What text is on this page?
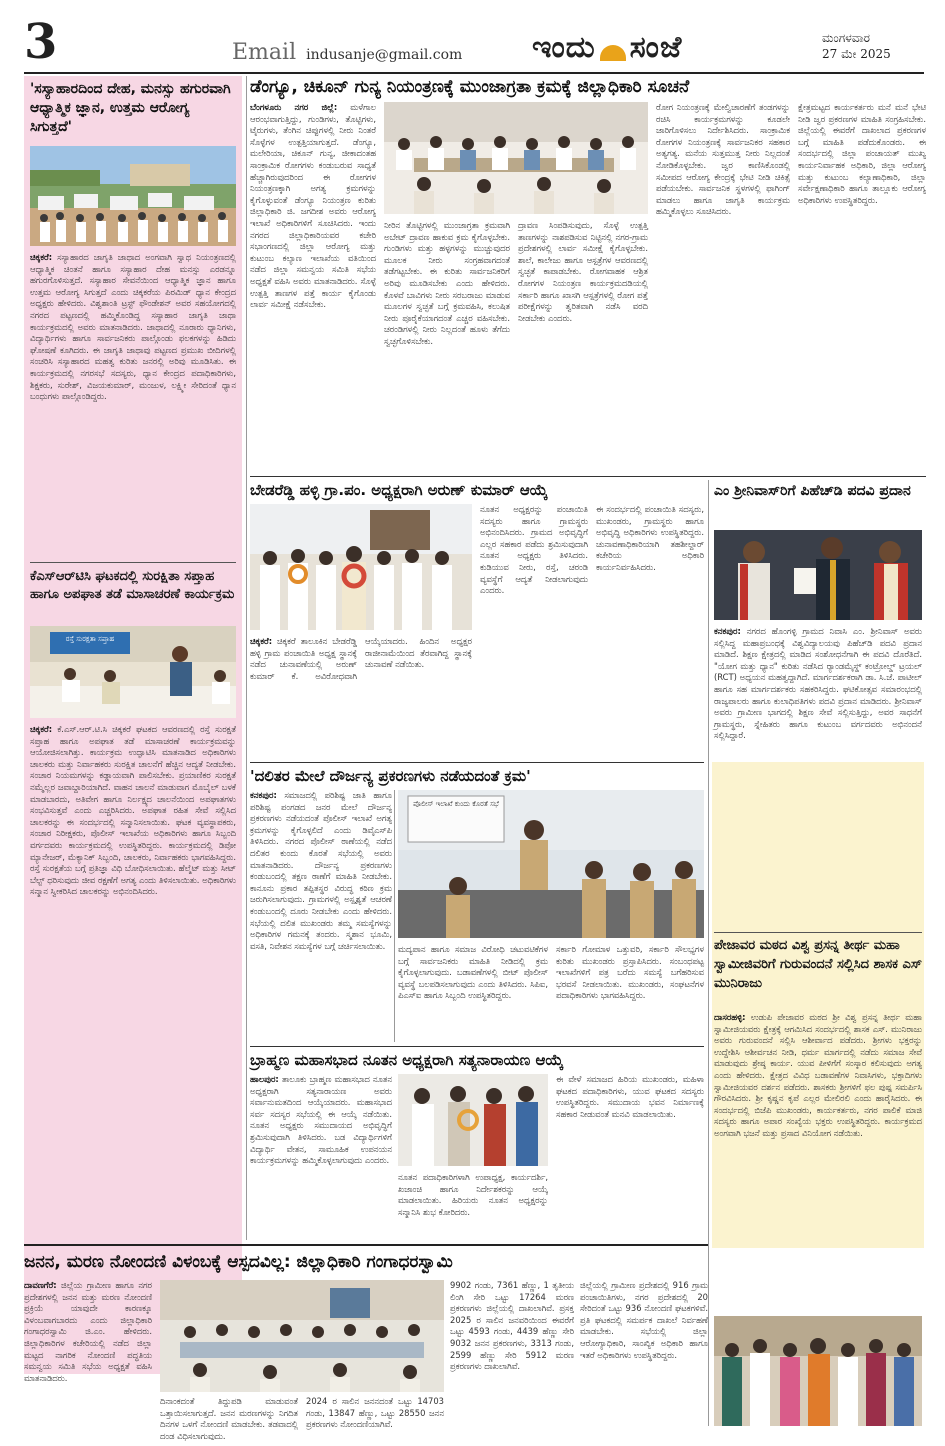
3	Email indusanje@gmail.com ಇಂದು ಸಂಜೆ	ಮಂಗಳವಾರ
27 ಮೇ 2025
'ಸಸ್ಯಾಹಾರದಿಂದ ದೇಹ, ಮನಸ್ಸು ಹಗುರವಾಗಿ ಆಧ್ಯಾತ್ಮಿಕ ಜ್ಞಾನ, ಉತ್ತಮ ಆರೋಗ್ಯ ಸಿಗುತ್ತದೆ'
ಚಿಕ್ಕಕರೆ: ಸಸ್ಯಾಹಾರದ ಜಾಗೃತಿ ಜಾಥಾದ ಅಂಗವಾಗಿ ಸ್ವಾಥ ನಿಯಂತ್ರಣದಲ್ಲಿ ಆಧ್ಯಾತ್ಮಿಕ ಚಿಂತನೆ ಹಾಗೂ ಸಸ್ಯಾಹಾರ ದೇಹ ಮನಸ್ಸು ಎರಡನ್ನೂ ಹಗುರಗೊಳಿಸುತ್ತದೆ. ಸಸ್ಯಾಹಾರ ಸೇವನೆಯಿಂದ ಆಧ್ಯಾತ್ಮಿಕ ಜ್ಞಾನ ಹಾಗೂ ಉತ್ತಮ ಆರೋಗ್ಯ ಸಿಗುತ್ತದೆ ಎಂದು ಚಿಕ್ಕಕರೆಯ ಪಿರಮಿಡ್ ಧ್ಯಾನ ಕೇಂದ್ರದ ಅಧ್ಯಕ್ಷರು ಹೇಳಿದರು. ವಿಶ್ವಶಾಂತಿ ಟ್ರಸ್ಟ್ ಫೌಂಡೇಶನ್ ಅವರ ಸಹಯೋಗದಲ್ಲಿ ನಗರದ ಪಟ್ಟಣದಲ್ಲಿ ಹಮ್ಮಿಕೊಂಡಿದ್ದ ಸಸ್ಯಾಹಾರ ಜಾಗೃತಿ ಜಾಥಾ ಕಾರ್ಯಕ್ರಮದಲ್ಲಿ ಅವರು ಮಾತನಾಡಿದರು. ಜಾಥಾದಲ್ಲಿ ನೂರಾರು ಧ್ಯಾನಿಗಳು, ವಿದ್ಯಾರ್ಥಿಗಳು ಹಾಗೂ ಸಾರ್ವಜನಿಕರು ಪಾಲ್ಗೊಂಡು ಫಲಕಗಳನ್ನು ಹಿಡಿದು ಘೋಷಣೆ ಕೂಗಿದರು. ಈ ಜಾಗೃತಿ ಜಾಥಾವು ಪಟ್ಟಣದ ಪ್ರಮುಖ ಬೀದಿಗಳಲ್ಲಿ ಸಂಚರಿಸಿ ಸಸ್ಯಾಹಾರದ ಮಹತ್ವ ಕುರಿತು ಜನರಲ್ಲಿ ಅರಿವು ಮೂಡಿಸಿತು. ಈ ಕಾರ್ಯಕ್ರಮದಲ್ಲಿ ನಗರಸಭೆ ಸದಸ್ಯರು, ಧ್ಯಾನ ಕೇಂದ್ರದ ಪದಾಧಿಕಾರಿಗಳು, ಶಿಕ್ಷಕರು, ಸುರೇಶ್, ವಿಜಯಕುಮಾರ್, ಮಂಜುಳ, ಲಕ್ಷ್ಮೀ ಸೇರಿದಂತೆ ಧ್ಯಾನ ಬಂಧುಗಳು ಪಾಲ್ಗೊಂಡಿದ್ದರು.
ಕೆಎಸ್ಆರ್‌ಟಿಸಿ ಘಟಕದಲ್ಲಿ ಸುರಕ್ಷಿತಾ ಸಪ್ತಾಹ ಹಾಗೂ ಅಪಘಾತ ತಡೆ ಮಾಸಾಚರಣೆ ಕಾರ್ಯಕ್ರಮ
ರಸ್ತೆ ಸುರಕ್ಷತಾ ಸಪ್ತಾಹ
ಚಿಕ್ಕಕರೆ: ಕೆ.ಎಸ್.ಆರ್.ಟಿ.ಸಿ ಚಿಕ್ಕಕರೆ ಘಟಕದ ಆವರಣದಲ್ಲಿ ರಸ್ತೆ ಸುರಕ್ಷತೆ ಸಪ್ತಾಹ ಹಾಗೂ ಅಪಘಾತ ತಡೆ ಮಾಸಾಚರಣೆ ಕಾರ್ಯಕ್ರಮವನ್ನು ಆಯೋಜಿಸಲಾಗಿತ್ತು. ಕಾರ್ಯಕ್ರಮ ಉದ್ಘಾಟಿಸಿ ಮಾತನಾಡಿದ ಅಧಿಕಾರಿಗಳು ಚಾಲಕರು ಮತ್ತು ನಿರ್ವಾಹಕರು ಸುರಕ್ಷಿತ ಚಾಲನೆಗೆ ಹೆಚ್ಚಿನ ಆದ್ಯತೆ ನೀಡಬೇಕು. ಸಂಚಾರ ನಿಯಮಗಳನ್ನು ಕಡ್ಡಾಯವಾಗಿ ಪಾಲಿಸಬೇಕು. ಪ್ರಯಾಣಿಕರ ಸುರಕ್ಷತೆ ನಮ್ಮೆಲ್ಲರ ಜವಾಬ್ದಾರಿಯಾಗಿದೆ. ವಾಹನ ಚಾಲನೆ ಮಾಡುವಾಗ ಮೊಬೈಲ್ ಬಳಕೆ ಮಾಡಬಾರದು, ಅತಿವೇಗ ಹಾಗೂ ನಿರ್ಲಕ್ಷ್ಯದ ಚಾಲನೆಯಿಂದ ಅಪಘಾತಗಳು ಸಂಭವಿಸುತ್ತವೆ ಎಂದು ಎಚ್ಚರಿಸಿದರು. ಅಪಘಾತ ರಹಿತ ಸೇವೆ ಸಲ್ಲಿಸಿದ ಚಾಲಕರನ್ನು ಈ ಸಂದರ್ಭದಲ್ಲಿ ಸನ್ಮಾನಿಸಲಾಯಿತು. ಘಟಕ ವ್ಯವಸ್ಥಾಪಕರು, ಸಂಚಾರ ನಿರೀಕ್ಷಕರು, ಪೊಲೀಸ್ ಇಲಾಖೆಯ ಅಧಿಕಾರಿಗಳು ಹಾಗೂ ಸಿಬ್ಬಂದಿ ವರ್ಗದವರು ಕಾರ್ಯಕ್ರಮದಲ್ಲಿ ಉಪಸ್ಥಿತರಿದ್ದರು. ಕಾರ್ಯಕ್ರಮದಲ್ಲಿ ಡಿಪೋ ಮ್ಯಾನೇಜರ್, ಮೆಕ್ಯಾನಿಕ್ ಸಿಬ್ಬಂದಿ, ಚಾಲಕರು, ನಿರ್ವಾಹಕರು ಭಾಗವಹಿಸಿದ್ದರು. ರಸ್ತೆ ಸುರಕ್ಷತೆಯ ಬಗ್ಗೆ ಪ್ರತಿಜ್ಞಾ ವಿಧಿ ಬೋಧಿಸಲಾಯಿತು. ಹೆಲ್ಮೆಟ್ ಮತ್ತು ಸೀಟ್ ಬೆಲ್ಟ್ ಧರಿಸುವುದು ಜೀವ ರಕ್ಷಣೆಗೆ ಅಗತ್ಯ ಎಂದು ತಿಳಿಸಲಾಯಿತು. ಅಧಿಕಾರಿಗಳು ಸನ್ಮಾನ ಸ್ವೀಕರಿಸಿದ ಚಾಲಕರನ್ನು ಅಭಿನಂದಿಸಿದರು.
ಡೆಂಗ್ಯೂ, ಚಿಕೂನ್ ಗುನ್ಯ ನಿಯಂತ್ರಣಕ್ಕೆ ಮುಂಜಾಗ್ರತಾ ಕ್ರಮಕ್ಕೆ ಜಿಲ್ಲಾಧಿಕಾರಿ ಸೂಚನೆ
ಬೆಂಗಳೂರು ನಗರ ಜಿಲ್ಲೆ: ಮಳೆಗಾಲ ಆರಂಭವಾಗುತ್ತಿದ್ದು, ಗುಂಡಿಗಳು, ತೊಟ್ಟಿಗಳು, ಟೈರುಗಳು, ತೆಂಗಿನ ಚಿಪ್ಪುಗಳಲ್ಲಿ ನೀರು ನಿಂತರೆ ಸೊಳ್ಳೆಗಳ ಉತ್ಪತ್ತಿಯಾಗುತ್ತದೆ. ಡೆಂಗ್ಯೂ, ಮಲೇರಿಯಾ, ಚಿಕೂನ್ ಗುನ್ಯ, ಜೀಕಾದಂತಹ ಸಾಂಕ್ರಾಮಿಕ ರೋಗಗಳು ಕಂಡುಬರುವ ಸಾಧ್ಯತೆ ಹೆಚ್ಚಾಗಿರುವುದರಿಂದ ಈ ರೋಗಗಳ ನಿಯಂತ್ರಣಕ್ಕಾಗಿ ಅಗತ್ಯ ಕ್ರಮಗಳನ್ನು ಕೈಗೊಳ್ಳುವಂತೆ ಡೆಂಗ್ಯೂ ನಿಯಂತ್ರಣ ಕುರಿತು ಜಿಲ್ಲಾಧಿಕಾರಿ ಜಿ. ಜಗದೀಶ ಅವರು ಆರೋಗ್ಯ ಇಲಾಖೆ ಅಧಿಕಾರಿಗಳಿಗೆ ಸೂಚಿಸಿದರು. ಇಂದು ನಗರದ ಜಿಲ್ಲಾಧಿಕಾರಿಯವರ ಕಚೇರಿ ಸಭಾಂಗಣದಲ್ಲಿ ಜಿಲ್ಲಾ ಆರೋಗ್ಯ ಮತ್ತು ಕುಟುಂಬ ಕಲ್ಯಾಣ ಇಲಾಖೆಯ ವತಿಯಿಂದ ನಡೆದ ಜಿಲ್ಲಾ ಸಮನ್ವಯ ಸಮಿತಿ ಸಭೆಯ ಅಧ್ಯಕ್ಷತೆ ವಹಿಸಿ ಅವರು ಮಾತನಾಡಿದರು. ಸೊಳ್ಳೆ ಉತ್ಪತ್ತಿ ತಾಣಗಳ ಪತ್ತೆ ಕಾರ್ಯ ಕೈಗೊಂಡು ಲಾರ್ವ ಸಮೀಕ್ಷೆ ನಡೆಸಬೇಕು.
ನೀರಿನ ತೊಟ್ಟಿಗಳಲ್ಲಿ ಮುಂಜಾಗ್ರತಾ ಕ್ರಮವಾಗಿ ಅಬೇಟ್ ದ್ರಾವಣ ಹಾಕುವ ಕ್ರಮ ಕೈಗೊಳ್ಳಬೇಕು. ಗುಂಡಿಗಳು ಮತ್ತು ಹಳ್ಳಗಳನ್ನು ಮುಚ್ಚುವುದರ ಮೂಲಕ ನೀರು ಸಂಗ್ರಹವಾಗದಂತೆ ತಡೆಗಟ್ಟಬೇಕು. ಈ ಕುರಿತು ಸಾರ್ವಜನಿಕರಿಗೆ ಅರಿವು ಮೂಡಿಸಬೇಕು ಎಂದು ಹೇಳಿದರು. ಕೊಳವೆ ಬಾವಿಗಳು ನೀರು ಸರಬರಾಜು ಮಾಡುವ ಮೂಲಗಳ ಸ್ವಚ್ಛತೆ ಬಗ್ಗೆ ಕ್ರಮವಹಿಸಿ, ಕಲುಷಿತ ನೀರು ಪೂರೈಕೆಯಾಗದಂತೆ ಎಚ್ಚರ ವಹಿಸಬೇಕು. ಚರಂಡಿಗಳಲ್ಲಿ ನೀರು ನಿಲ್ಲದಂತೆ ಹೂಳು ತೆಗೆದು ಸ್ವಚ್ಛಗೊಳಿಸಬೇಕು.
ದ್ರಾವಣ ಸಿಂಪಡಿಸುವುದು, ಸೊಳ್ಳೆ ಉತ್ಪತ್ತಿ ತಾಣಗಳನ್ನು ನಾಶಪಡಿಸುವ ನಿಟ್ಟಿನಲ್ಲಿ ನಗರ-ಗ್ರಾಮ ಪ್ರದೇಶಗಳಲ್ಲಿ ಲಾರ್ವ ಸಮೀಕ್ಷೆ ಕೈಗೊಳ್ಳಬೇಕು. ಶಾಲೆ, ಕಾಲೇಜು ಹಾಗೂ ಆಸ್ಪತ್ರೆಗಳ ಆವರಣದಲ್ಲಿ ಸ್ವಚ್ಛತೆ ಕಾಪಾಡಬೇಕು. ರೋಗವಾಹಕ ಆಶ್ರಿತ ರೋಗಗಳ ನಿಯಂತ್ರಣ ಕಾರ್ಯಕ್ರಮದಡಿಯಲ್ಲಿ ಸರ್ಕಾರಿ ಹಾಗೂ ಖಾಸಗಿ ಆಸ್ಪತ್ರೆಗಳಲ್ಲಿ ರೋಗ ಪತ್ತೆ ಪರೀಕ್ಷೆಗಳನ್ನು ತ್ವರಿತವಾಗಿ ನಡೆಸಿ ವರದಿ ನೀಡಬೇಕು ಎಂದರು.
ರೋಗ ನಿಯಂತ್ರಣಕ್ಕೆ ಮೇಲ್ವಿಚಾರಣೆಗೆ ತಂಡಗಳನ್ನು ರಚಿಸಿ ಕಾರ್ಯಕ್ರಮಗಳನ್ನು ಕೂಡಲೇ ಜಾರಿಗೊಳಿಸಲು ನಿರ್ದೇಶಿಸಿದರು. ಸಾಂಕ್ರಾಮಿಕ ರೋಗಗಳ ನಿಯಂತ್ರಣಕ್ಕೆ ಸಾರ್ವಜನಿಕರ ಸಹಕಾರ ಅತ್ಯಗತ್ಯ. ಮನೆಯ ಸುತ್ತಮುತ್ತ ನೀರು ನಿಲ್ಲದಂತೆ ನೋಡಿಕೊಳ್ಳಬೇಕು. ಜ್ವರ ಕಾಣಿಸಿಕೊಂಡಲ್ಲಿ ಸಮೀಪದ ಆರೋಗ್ಯ ಕೇಂದ್ರಕ್ಕೆ ಭೇಟಿ ನೀಡಿ ಚಿಕಿತ್ಸೆ ಪಡೆಯಬೇಕು. ಸಾರ್ವಜನಿಕ ಸ್ಥಳಗಳಲ್ಲಿ ಫಾಗಿಂಗ್ ಮಾಡಲು ಹಾಗೂ ಜಾಗೃತಿ ಕಾರ್ಯಕ್ರಮ ಹಮ್ಮಿಕೊಳ್ಳಲು ಸೂಚಿಸಿದರು.
ಕ್ಷೇತ್ರಮಟ್ಟದ ಕಾರ್ಯಕರ್ತರು ಮನೆ ಮನೆ ಭೇಟಿ ನೀಡಿ ಜ್ವರ ಪ್ರಕರಣಗಳ ಮಾಹಿತಿ ಸಂಗ್ರಹಿಸಬೇಕು. ಜಿಲ್ಲೆಯಲ್ಲಿ ಈವರೆಗೆ ದಾಖಲಾದ ಪ್ರಕರಣಗಳ ಬಗ್ಗೆ ಮಾಹಿತಿ ಪಡೆದುಕೊಂಡರು. ಈ ಸಂದರ್ಭದಲ್ಲಿ ಜಿಲ್ಲಾ ಪಂಚಾಯತ್ ಮುಖ್ಯ ಕಾರ್ಯನಿರ್ವಾಹಕ ಅಧಿಕಾರಿ, ಜಿಲ್ಲಾ ಆರೋಗ್ಯ ಮತ್ತು ಕುಟುಂಬ ಕಲ್ಯಾಣಾಧಿಕಾರಿ, ಜಿಲ್ಲಾ ಸರ್ವೇಕ್ಷಣಾಧಿಕಾರಿ ಹಾಗೂ ತಾಲ್ಲೂಕು ಆರೋಗ್ಯ ಅಧಿಕಾರಿಗಳು ಉಪಸ್ಥಿತರಿದ್ದರು.
ಬೇಡರೆಡ್ಡಿ ಹಳ್ಳಿ ಗ್ರಾ.ಪಂ. ಅಧ್ಯಕ್ಷರಾಗಿ ಅರುಣ್ ಕುಮಾರ್ ಆಯ್ಕೆ
ಚಿಕ್ಕಕರೆ: ಚಿಕ್ಕಕರೆ ತಾಲೂಕಿನ ಬೇಡರೆಡ್ಡಿ ಹಳ್ಳಿ ಗ್ರಾಮ ಪಂಚಾಯಿತಿ ಅಧ್ಯಕ್ಷ ಸ್ಥಾನಕ್ಕೆ ನಡೆದ ಚುನಾವಣೆಯಲ್ಲಿ ಅರುಣ್ ಕುಮಾರ್ ಕೆ. ಅವಿರೋಧವಾಗಿ ಆಯ್ಕೆಯಾದರು. ಹಿಂದಿನ ಅಧ್ಯಕ್ಷರ ರಾಜೀನಾಮೆಯಿಂದ ತೆರವಾಗಿದ್ದ ಸ್ಥಾನಕ್ಕೆ ಚುನಾವಣೆ ನಡೆಯಿತು.
ನೂತನ ಅಧ್ಯಕ್ಷರನ್ನು ಪಂಚಾಯಿತಿ ಸದಸ್ಯರು ಹಾಗೂ ಗ್ರಾಮಸ್ಥರು ಅಭಿನಂದಿಸಿದರು. ಗ್ರಾಮದ ಅಭಿವೃದ್ಧಿಗೆ ಎಲ್ಲರ ಸಹಕಾರ ಪಡೆದು ಶ್ರಮಿಸುವುದಾಗಿ ನೂತನ ಅಧ್ಯಕ್ಷರು ತಿಳಿಸಿದರು. ಕುಡಿಯುವ ನೀರು, ರಸ್ತೆ, ಚರಂಡಿ ವ್ಯವಸ್ಥೆಗೆ ಆದ್ಯತೆ ನೀಡಲಾಗುವುದು ಎಂದರು.
ಈ ಸಂದರ್ಭದಲ್ಲಿ ಪಂಚಾಯಿತಿ ಸದಸ್ಯರು, ಮುಖಂಡರು, ಗ್ರಾಮಸ್ಥರು ಹಾಗೂ ಅಭಿವೃದ್ಧಿ ಅಧಿಕಾರಿಗಳು ಉಪಸ್ಥಿತರಿದ್ದರು. ಚುನಾವಣಾಧಿಕಾರಿಯಾಗಿ ತಹಶೀಲ್ದಾರ್ ಕಚೇರಿಯ ಅಧಿಕಾರಿ ಕಾರ್ಯನಿರ್ವಹಿಸಿದರು.
ಎಂ ಶ್ರೀನಿವಾಸ್‌ರಿಗೆ ಪಿಹೆಚ್‌ಡಿ ಪದವಿ ಪ್ರದಾನ
ಕನಕಪುರ: ನಗರದ ಹೊಂಗಳ್ಳಿ ಗ್ರಾಮದ ನಿವಾಸಿ ಎಂ. ಶ್ರೀನಿವಾಸ್ ಅವರು ಸಲ್ಲಿಸಿದ್ದ ಮಹಾಪ್ರಬಂಧಕ್ಕೆ ವಿಶ್ವವಿದ್ಯಾಲಯವು ಪಿಹೆಚ್‌ಡಿ ಪದವಿ ಪ್ರದಾನ ಮಾಡಿದೆ. ಶಿಕ್ಷಣ ಕ್ಷೇತ್ರದಲ್ಲಿ ಮಾಡಿದ ಸಂಶೋಧನೆಗಾಗಿ ಈ ಪದವಿ ದೊರೆತಿದೆ. "ಯೋಗ ಮತ್ತು ಧ್ಯಾನ" ಕುರಿತು ನಡೆಸಿದ ರ‍್ಯಾಂಡಮೈಸ್ಡ್ ಕಂಟ್ರೋಲ್ಡ್ ಟ್ರಯಲ್ (RCT) ಅಧ್ಯಯನ ಮಹತ್ವದ್ದಾಗಿದೆ. ಮಾರ್ಗದರ್ಶಕರಾಗಿ ಡಾ. ಸಿ.ಜೆ. ಪಾಟೀಲ್ ಹಾಗೂ ಸಹ ಮಾರ್ಗದರ್ಶಕರು ಸಹಕರಿಸಿದ್ದರು. ಘಟಿಕೋತ್ಸವ ಸಮಾರಂಭದಲ್ಲಿ ರಾಜ್ಯಪಾಲರು ಹಾಗೂ ಕುಲಾಧಿಪತಿಗಳು ಪದವಿ ಪ್ರದಾನ ಮಾಡಿದರು. ಶ್ರೀನಿವಾಸ್ ಅವರು ಗ್ರಾಮೀಣ ಭಾಗದಲ್ಲಿ ಶಿಕ್ಷಣ ಸೇವೆ ಸಲ್ಲಿಸುತ್ತಿದ್ದು, ಅವರ ಸಾಧನೆಗೆ ಗ್ರಾಮಸ್ಥರು, ಸ್ನೇಹಿತರು ಹಾಗೂ ಕುಟುಂಬ ವರ್ಗದವರು ಅಭಿನಂದನೆ ಸಲ್ಲಿಸಿದ್ದಾರೆ.
ಪೇಜಾವರ ಮಠದ ವಿಶ್ವ ಪ್ರಸನ್ನ ತೀರ್ಥ ಮಹಾ ಸ್ವಾಮೀಜಿವರಿಗೆ ಗುರುವಂದನೆ ಸಲ್ಲಿಸಿದ ಶಾಸಕ ಎಸ್ ಮುನಿರಾಜು
ದಾಸರಹಳ್ಳಿ: ಉಡುಪಿ ಪೇಜಾವರ ಮಠದ ಶ್ರೀ ವಿಶ್ವ ಪ್ರಸನ್ನ ತೀರ್ಥ ಮಹಾ ಸ್ವಾಮೀಜಿಯವರು ಕ್ಷೇತ್ರಕ್ಕೆ ಆಗಮಿಸಿದ ಸಂದರ್ಭದಲ್ಲಿ ಶಾಸಕ ಎಸ್. ಮುನಿರಾಜು ಅವರು ಗುರುವಂದನೆ ಸಲ್ಲಿಸಿ ಆಶೀರ್ವಾದ ಪಡೆದರು. ಶ್ರೀಗಳು ಭಕ್ತರನ್ನು ಉದ್ದೇಶಿಸಿ ಆಶೀರ್ವಚನ ನೀಡಿ, ಧರ್ಮ ಮಾರ್ಗದಲ್ಲಿ ನಡೆದು ಸಮಾಜ ಸೇವೆ ಮಾಡುವುದು ಶ್ರೇಷ್ಠ ಕಾರ್ಯ. ಯುವ ಪೀಳಿಗೆಗೆ ಸಂಸ್ಕಾರ ಕಲಿಸುವುದು ಅಗತ್ಯ ಎಂದು ಹೇಳಿದರು. ಕ್ಷೇತ್ರದ ವಿವಿಧ ಬಡಾವಣೆಗಳ ನಿವಾಸಿಗಳು, ಭಕ್ತಾದಿಗಳು ಸ್ವಾಮೀಜಿಯವರ ದರ್ಶನ ಪಡೆದರು. ಶಾಸಕರು ಶ್ರೀಗಳಿಗೆ ಫಲ ಪುಷ್ಪ ಸಮರ್ಪಿಸಿ ಗೌರವಿಸಿದರು. ಶ್ರೀ ಕೃಷ್ಣನ ಕೃಪೆ ಎಲ್ಲರ ಮೇಲಿರಲಿ ಎಂದು ಹಾರೈಸಿದರು. ಈ ಸಂದರ್ಭದಲ್ಲಿ ಬಿಜೆಪಿ ಮುಖಂಡರು, ಕಾರ್ಯಕರ್ತರು, ನಗರ ಪಾಲಿಕೆ ಮಾಜಿ ಸದಸ್ಯರು ಹಾಗೂ ಅಪಾರ ಸಂಖ್ಯೆಯ ಭಕ್ತರು ಉಪಸ್ಥಿತರಿದ್ದರು. ಕಾರ್ಯಕ್ರಮದ ಅಂಗವಾಗಿ ಭಜನೆ ಮತ್ತು ಪ್ರಸಾದ ವಿನಿಯೋಗ ನಡೆಯಿತು.
'ದಲಿತರ ಮೇಲೆ ದೌರ್ಜನ್ಯ ಪ್ರಕರಣಗಳು ನಡೆಯದಂತೆ ಕ್ರಮ'
ಕನಕಪುರ: ಸಮಾಜದಲ್ಲಿ ಪರಿಶಿಷ್ಟ ಜಾತಿ ಹಾಗೂ ಪರಿಶಿಷ್ಟ ಪಂಗಡದ ಜನರ ಮೇಲೆ ದೌರ್ಜನ್ಯ ಪ್ರಕರಣಗಳು ನಡೆಯದಂತೆ ಪೊಲೀಸ್ ಇಲಾಖೆ ಅಗತ್ಯ ಕ್ರಮಗಳನ್ನು ಕೈಗೊಳ್ಳಲಿದೆ ಎಂದು ಡಿವೈಎಸ್‌ಪಿ ತಿಳಿಸಿದರು. ನಗರದ ಪೊಲೀಸ್ ಠಾಣೆಯಲ್ಲಿ ನಡೆದ ದಲಿತರ ಕುಂದು ಕೊರತೆ ಸಭೆಯಲ್ಲಿ ಅವರು ಮಾತನಾಡಿದರು. ದೌರ್ಜನ್ಯ ಪ್ರಕರಣಗಳು ಕಂಡುಬಂದಲ್ಲಿ ತಕ್ಷಣ ಠಾಣೆಗೆ ಮಾಹಿತಿ ನೀಡಬೇಕು. ಕಾನೂನು ಪ್ರಕಾರ ತಪ್ಪಿತಸ್ಥರ ವಿರುದ್ಧ ಕಠಿಣ ಕ್ರಮ ಜರುಗಿಸಲಾಗುವುದು. ಗ್ರಾಮಗಳಲ್ಲಿ ಅಸ್ಪೃಶ್ಯತೆ ಆಚರಣೆ ಕಂಡುಬಂದಲ್ಲಿ ದೂರು ನೀಡಬೇಕು ಎಂದು ಹೇಳಿದರು. ಸಭೆಯಲ್ಲಿ ದಲಿತ ಮುಖಂಡರು ತಮ್ಮ ಸಮಸ್ಯೆಗಳನ್ನು ಅಧಿಕಾರಿಗಳ ಗಮನಕ್ಕೆ ತಂದರು. ಸ್ಮಶಾನ ಭೂಮಿ, ವಸತಿ, ನಿವೇಶನ ಸಮಸ್ಯೆಗಳ ಬಗ್ಗೆ ಚರ್ಚಿಸಲಾಯಿತು.
ಪೊಲೀಸ್ ಇಲಾಖೆ ಕುಂದು ಕೊರತೆ ಸಭೆ
ಮದ್ಯಪಾನ ಹಾಗೂ ಸಮಾಜ ವಿರೋಧಿ ಚಟುವಟಿಕೆಗಳ ಬಗ್ಗೆ ಸಾರ್ವಜನಿಕರು ಮಾಹಿತಿ ನೀಡಿದಲ್ಲಿ ಕ್ರಮ ಕೈಗೊಳ್ಳಲಾಗುವುದು. ಬಡಾವಣೆಗಳಲ್ಲಿ ಬೀಟ್ ಪೊಲೀಸ್ ವ್ಯವಸ್ಥೆ ಬಲಪಡಿಸಲಾಗುವುದು ಎಂದು ತಿಳಿಸಿದರು. ಸಿಪಿಐ, ಪಿಎಸ್‌ಐ ಹಾಗೂ ಸಿಬ್ಬಂದಿ ಉಪಸ್ಥಿತರಿದ್ದರು.
ಸರ್ಕಾರಿ ಗೋಮಾಳ ಒತ್ತುವರಿ, ಸರ್ಕಾರಿ ಸೌಲಭ್ಯಗಳ ಕುರಿತು ಮುಖಂಡರು ಪ್ರಸ್ತಾಪಿಸಿದರು. ಸಂಬಂಧಪಟ್ಟ ಇಲಾಖೆಗಳಿಗೆ ಪತ್ರ ಬರೆದು ಸಮಸ್ಯೆ ಬಗೆಹರಿಸುವ ಭರವಸೆ ನೀಡಲಾಯಿತು. ಮುಖಂಡರು, ಸಂಘಟನೆಗಳ ಪದಾಧಿಕಾರಿಗಳು ಭಾಗವಹಿಸಿದ್ದರು.
ಬ್ರಾಹ್ಮಣ ಮಹಾಸಭಾದ ನೂತನ ಅಧ್ಯಕ್ಷರಾಗಿ ಸತ್ಯನಾರಾಯಣ ಆಯ್ಕೆ
ಹಾಲಪುರ: ತಾಲೂಕು ಬ್ರಾಹ್ಮಣ ಮಹಾಸಭಾದ ನೂತನ ಅಧ್ಯಕ್ಷರಾಗಿ ಸತ್ಯನಾರಾಯಣ ಅವರು ಸರ್ವಾನುಮತದಿಂದ ಆಯ್ಕೆಯಾದರು. ಮಹಾಸಭಾದ ಸರ್ವ ಸದಸ್ಯರ ಸಭೆಯಲ್ಲಿ ಈ ಆಯ್ಕೆ ನಡೆಯಿತು. ನೂತನ ಅಧ್ಯಕ್ಷರು ಸಮುದಾಯದ ಅಭಿವೃದ್ಧಿಗೆ ಶ್ರಮಿಸುವುದಾಗಿ ತಿಳಿಸಿದರು. ಬಡ ವಿದ್ಯಾರ್ಥಿಗಳಿಗೆ ವಿದ್ಯಾರ್ಥಿ ವೇತನ, ಸಾಮೂಹಿಕ ಉಪನಯನ ಕಾರ್ಯಕ್ರಮಗಳನ್ನು ಹಮ್ಮಿಕೊಳ್ಳಲಾಗುವುದು ಎಂದರು.
ನೂತನ ಪದಾಧಿಕಾರಿಗಳಾಗಿ ಉಪಾಧ್ಯಕ್ಷ, ಕಾರ್ಯದರ್ಶಿ, ಖಜಾಂಚಿ ಹಾಗೂ ನಿರ್ದೇಶಕರನ್ನು ಆಯ್ಕೆ ಮಾಡಲಾಯಿತು. ಹಿರಿಯರು ನೂತನ ಅಧ್ಯಕ್ಷರನ್ನು ಸನ್ಮಾನಿಸಿ ಶುಭ ಕೋರಿದರು.
ಈ ವೇಳೆ ಸಮಾಜದ ಹಿರಿಯ ಮುಖಂಡರು, ಮಹಿಳಾ ಘಟಕದ ಪದಾಧಿಕಾರಿಗಳು, ಯುವ ಘಟಕದ ಸದಸ್ಯರು ಉಪಸ್ಥಿತರಿದ್ದರು. ಸಮುದಾಯ ಭವನ ನಿರ್ಮಾಣಕ್ಕೆ ಸಹಕಾರ ನೀಡುವಂತೆ ಮನವಿ ಮಾಡಲಾಯಿತು.
ಜನನ, ಮರಣ ನೋಂದಣಿ ವಿಳಂಬಕ್ಕೆ ಆಸ್ಪದವಿಲ್ಲ: ಜಿಲ್ಲಾಧಿಕಾರಿ ಗಂಗಾಧರಸ್ವಾಮಿ
ದಾವಣಗೆರೆ: ಜಿಲ್ಲೆಯ ಗ್ರಾಮೀಣ ಹಾಗೂ ನಗರ ಪ್ರದೇಶಗಳಲ್ಲಿ ಜನನ ಮತ್ತು ಮರಣ ನೋಂದಣಿ ಪ್ರಕ್ರಿಯೆ ಯಾವುದೇ ಕಾರಣಕ್ಕೂ ವಿಳಂಬವಾಗಬಾರದು ಎಂದು ಜಿಲ್ಲಾಧಿಕಾರಿ ಗಂಗಾಧರಸ್ವಾಮಿ ಜಿ.ಎಂ. ಹೇಳಿದರು. ಜಿಲ್ಲಾಧಿಕಾರಿಗಳ ಕಚೇರಿಯಲ್ಲಿ ನಡೆದ ಜಿಲ್ಲಾ ಮಟ್ಟದ ನಾಗರಿಕ ನೋಂದಣಿ ಪದ್ಧತಿಯ ಸಮನ್ವಯ ಸಮಿತಿ ಸಭೆಯ ಅಧ್ಯಕ್ಷತೆ ವಹಿಸಿ ಮಾತನಾಡಿದರು.
ದಿನಾಂಕದಂತೆ ತಿದ್ದುಪಡಿ ಮಾಡುವಂತೆ ಒತ್ತಾಯಿಸಲಾಗುತ್ತದೆ. ಜನನ ಮರಣಗಳನ್ನು ನಿಗದಿತ ದಿನಗಳ ಒಳಗೆ ನೋಂದಣಿ ಮಾಡಬೇಕು. ತಡವಾದಲ್ಲಿ ದಂಡ ವಿಧಿಸಲಾಗುವುದು.
2024 ರ ಸಾಲಿನ ಜನನದಂತೆ ಒಟ್ಟು 14703 ಗಂಡು, 13847 ಹೆಣ್ಣು, ಒಟ್ಟು 28550 ಜನನ ಪ್ರಕರಣಗಳು ನೋಂದಣಿಯಾಗಿವೆ.
9902 ಗಂಡು, 7361 ಹೆಣ್ಣು, 1 ತೃತೀಯ ಲಿಂಗಿ ಸೇರಿ ಒಟ್ಟು 17264 ಮರಣ ಪ್ರಕರಣಗಳು ಜಿಲ್ಲೆಯಲ್ಲಿ ದಾಖಲಾಗಿವೆ. ಪ್ರಸಕ್ತ 2025 ರ ಸಾಲಿನ ಜನವರಿಯಿಂದ ಈವರೆಗೆ ಒಟ್ಟು 4593 ಗಂಡು, 4439 ಹೆಣ್ಣು ಸೇರಿ 9032 ಜನನ ಪ್ರಕರಣಗಳು, 3313 ಗಂಡು, 2599 ಹೆಣ್ಣು ಸೇರಿ 5912 ಮರಣ ಪ್ರಕರಣಗಳು ದಾಖಲಾಗಿವೆ.
ಜಿಲ್ಲೆಯಲ್ಲಿ ಗ್ರಾಮೀಣ ಪ್ರದೇಶದಲ್ಲಿ 916 ಗ್ರಾಮ ಪಂಚಾಯಿತಿಗಳು, ನಗರ ಪ್ರದೇಶದಲ್ಲಿ 20 ಸೇರಿದಂತೆ ಒಟ್ಟು 936 ನೋಂದಣಿ ಘಟಕಗಳಿವೆ. ಪ್ರತಿ ಘಟಕದಲ್ಲಿ ಸಮರ್ಪಕ ದಾಖಲೆ ನಿರ್ವಹಣೆ ಮಾಡಬೇಕು. ಸಭೆಯಲ್ಲಿ ಜಿಲ್ಲಾ ಆರೋಗ್ಯಾಧಿಕಾರಿ, ಸಾಂಖ್ಯಿಕ ಅಧಿಕಾರಿ ಹಾಗೂ ಇತರೆ ಅಧಿಕಾರಿಗಳು ಉಪಸ್ಥಿತರಿದ್ದರು.
